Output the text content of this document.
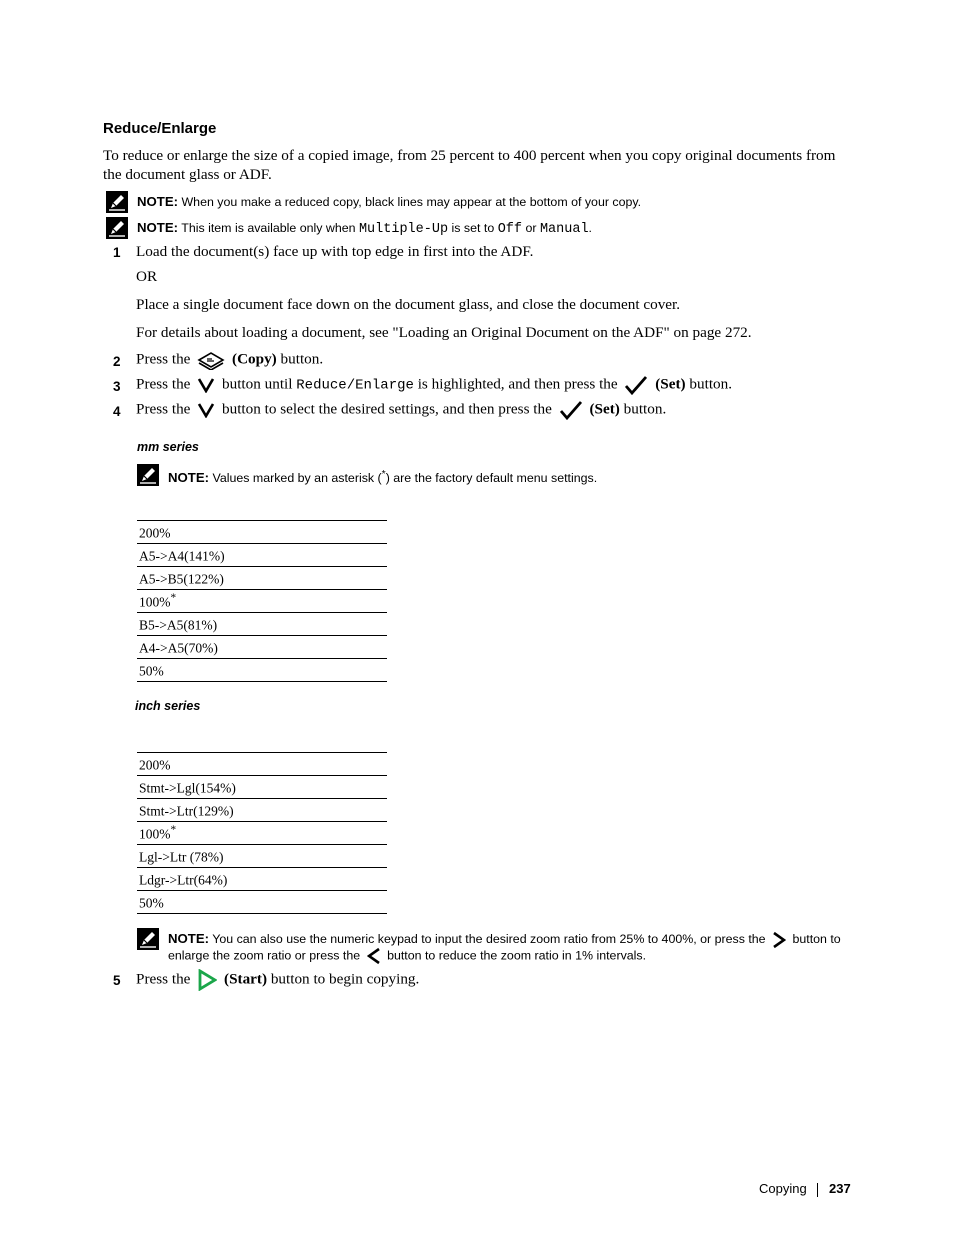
Reduce/Enlarge
To reduce or enlarge the size of a copied image, from 25 percent to 400 percent when you copy original documents from the document glass or ADF.
NOTE: When you make a reduced copy, black lines may appear at the bottom of your copy.
NOTE: This item is available only when Multiple-Up is set to Off or Manual.
1 Load the document(s) face up with top edge in first into the ADF.
OR
Place a single document face down on the document glass, and close the document cover.
For details about loading a document, see "Loading an Original Document on the ADF" on page 272.
2 Press the	(Copy) button.
3 Press the button until Reduce/Enlarge is highlighted, and then press the (Set) button.
4 Press the button to select the desired settings, and then press the (Set) button.
mm series
NOTE: Values marked by an asterisk (*) are the factory default menu settings.
200%
A5->A4(141%)
A5->B5(122%)
100%*
B5->A5(81%)
A4->A5(70%)
50%
inch series
200%
Stmt->Lgl(154%)
Stmt->Ltr(129%)
100%*
Lgl->Ltr (78%)
Ldgr->Ltr(64%)
50%
NOTE: You can also use the numeric keypad to input the desired zoom ratio from 25% to 400%, or press the button to
enlarge the zoom ratio or press the button to reduce the zoom ratio in 1% intervals.
5 Press the (Start) button to begin copying.
Copying 237
